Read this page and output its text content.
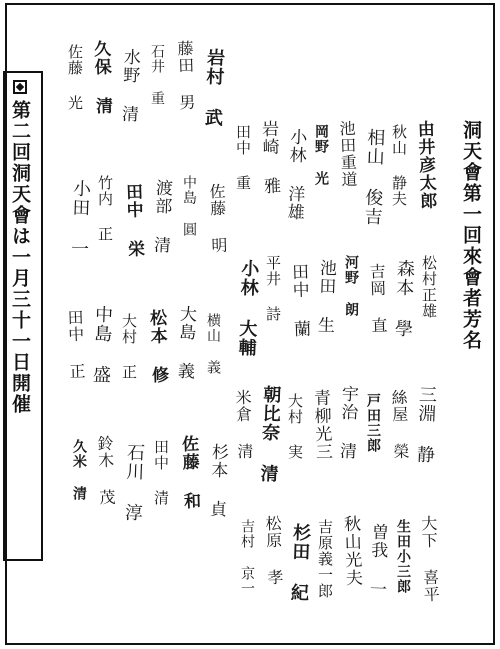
第二回洞天會は一月三十一日開催	洞天會第一回來會者芳名
由井彦太郎
松村正雄
三淵 静
大下 喜平
秋山 静夫
森本 學
絲屋 榮
生田小三郎
相山 俊吉
吉岡 直
戸田三郎
曽我 一
池田重道
河野 朗
宇治 清
秋山光夫
岡野 光
池田 生
青柳光三
吉原義一郎
小林 洋雄
田中 蘭
大村 実
杉田 紀
岩崎 雅
平井 詩
朝比奈 清
松原 孝
田中 重
小林 大輔
米倉 清
吉村 京一
岩村 武
佐藤 明
横山 義
杉本 貞
藤田 男
中島 圓
大島 義
佐藤 和
石井 重
渡部 清
松本 修
田中 清
水野 清
田中 栄
大村 正
石川 淳
久保 清
竹内 正
中島 盛
鈴木 茂
佐藤 光
小田 一
田中 正
久米 清
